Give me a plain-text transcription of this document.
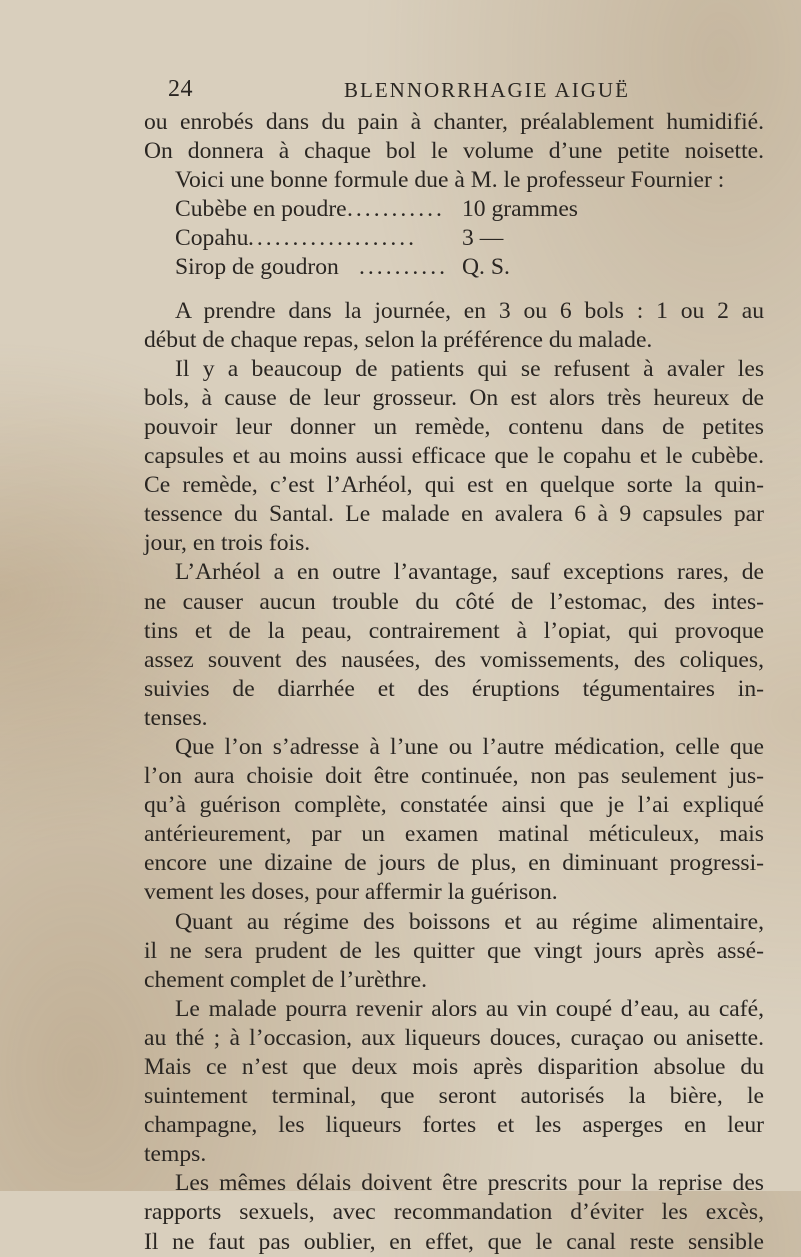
24	BLENNORRHAGIE AIGUË
ou enrobés dans du pain à chanter, préalablement humidifié.
On donnera à chaque bol le volume d’une petite noisette.
Voici une bonne formule due à M. le professeur Fournier :
Cubèbe en poudre ........... 10 grammes
Copahu ................... 3 —
Sirop de goudron .......... Q. S.
A prendre dans la journée, en 3 ou 6 bols : 1 ou 2 au
début de chaque repas, selon la préférence du malade.
Il y a beaucoup de patients qui se refusent à avaler les
bols, à cause de leur grosseur. On est alors très heureux de
pouvoir leur donner un remède, contenu dans de petites
capsules et au moins aussi efficace que le copahu et le cubèbe.
Ce remède, c’est l’Arhéol, qui est en quelque sorte la quin-
tessence du Santal. Le malade en avalera 6 à 9 capsules par
jour, en trois fois.
L’Arhéol a en outre l’avantage, sauf exceptions rares, de
ne causer aucun trouble du côté de l’estomac, des intes-
tins et de la peau, contrairement à l’opiat, qui provoque
assez souvent des nausées, des vomissements, des coliques,
suivies de diarrhée et des éruptions tégumentaires in-
tenses.
Que l’on s’adresse à l’une ou l’autre médication, celle que
l’on aura choisie doit être continuée, non pas seulement jus-
qu’à guérison complète, constatée ainsi que je l’ai expliqué
antérieurement, par un examen matinal méticuleux, mais
encore une dizaine de jours de plus, en diminuant progressi-
vement les doses, pour affermir la guérison.
Quant au régime des boissons et au régime alimentaire,
il ne sera prudent de les quitter que vingt jours après assé-
chement complet de l’urèthre.
Le malade pourra revenir alors au vin coupé d’eau, au café,
au thé ; à l’occasion, aux liqueurs douces, curaçao ou anisette.
Mais ce n’est que deux mois après disparition absolue du
suintement terminal, que seront autorisés la bière, le
champagne, les liqueurs fortes et les asperges en leur
temps.
Les mêmes délais doivent être prescrits pour la reprise des
rapports sexuels, avec recommandation d’éviter les excès,
Il ne faut pas oublier, en effet, que le canal reste sensible
